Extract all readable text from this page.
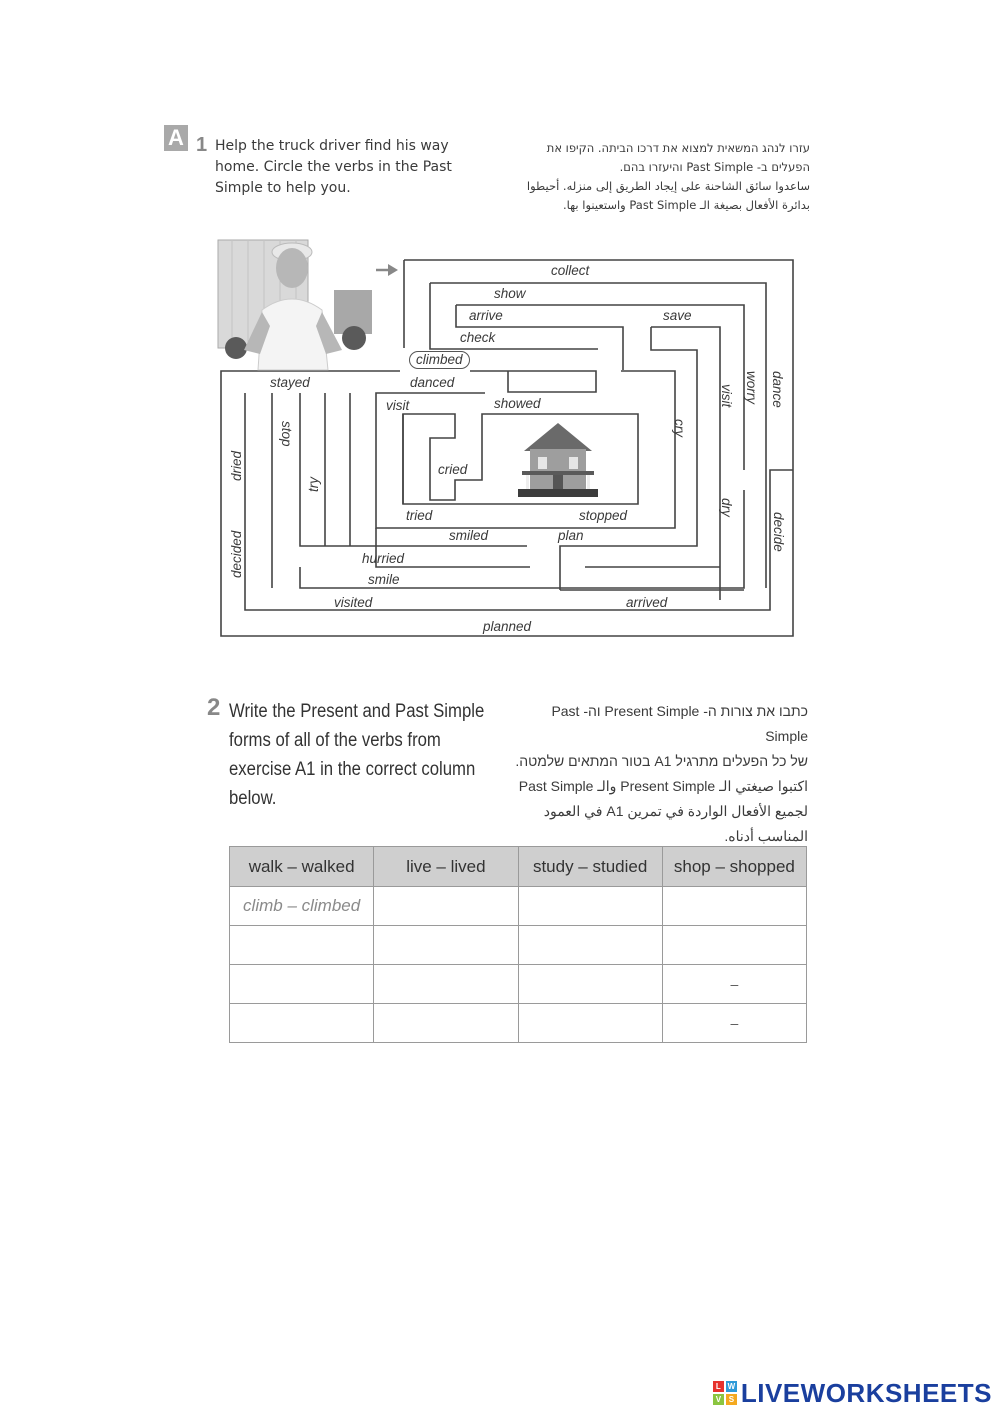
A 1 Help the truck driver find his way
home. Circle the verbs in the Past
Simple to help you.
עזרו לנהג המשאית למצוא את דרכו הביתה. הקיפו את
הפעלים ב- Past Simple והיעזרו בהם.
ساعدوا سائق الشاحنة على إيجاد الطريق إلى منزله. أحيطوا
بدائرة الأفعال بصيغة الـ Past Simple واستعينوا بها.
collect
show
arrive	save
check
climbed
stayed	danced
visit	showed
stop
dried
try
cried
cry
visit worry dance
dry
tried	stopped
smiled	plan
decided	decide
hurried
smile
visited	arrived
planned
2 Write the Present and Past Simple
forms of all of the verbs from
exercise A1 in the correct column
below.
כתבו את צורות ה- Present Simple וה- Past Simple
של כל הפעלים מתרגיל A1 בטור המתאים שלמטה.
اكتبوا صيغتي الـ Present Simple والـ Past Simple
لجميع الأفعال الواردة في تمرين A1 في العمود المناسب أدناه.
walk – walked	live – lived	study – studied	shop – shopped
climb – climbed			

			–
			–
L W
V S LIVEWORKSHEETS
